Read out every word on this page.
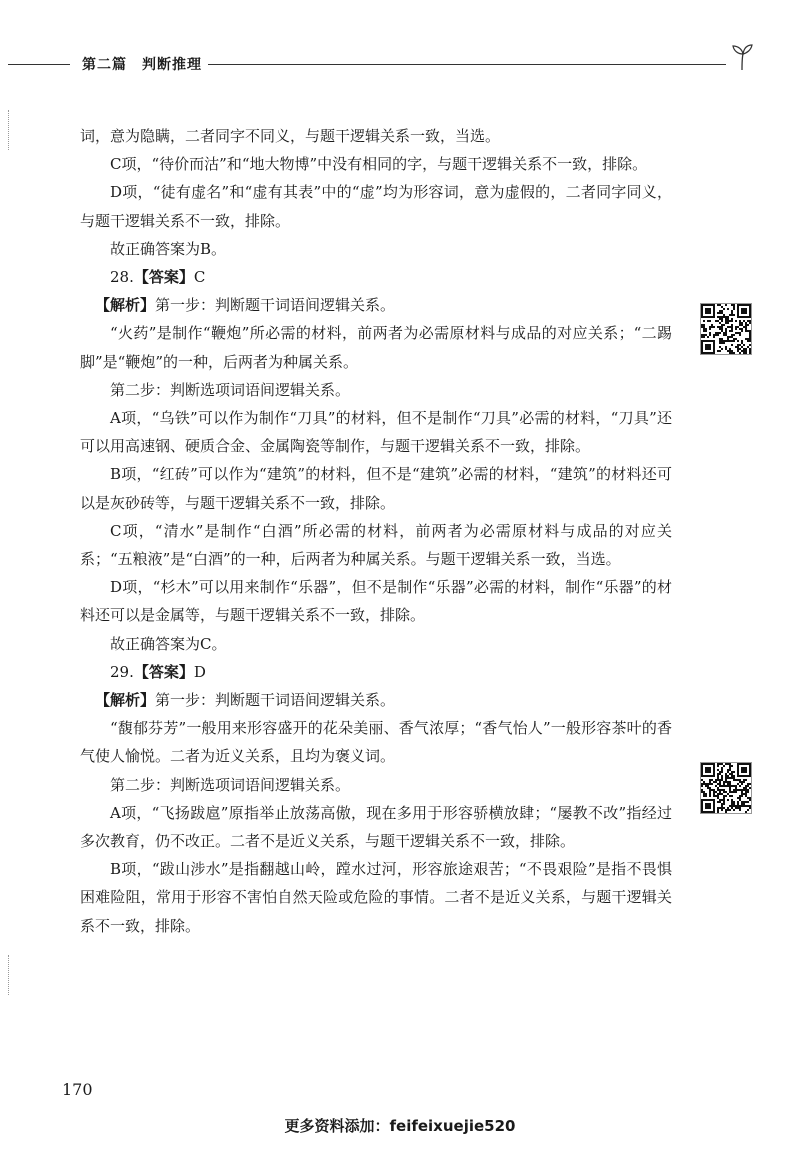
第二篇　判断推理

词，意为隐瞒，二者同字不同义，与题干逻辑关系一致，当选。

C项，“待价而沽”和“地大物博”中没有相同的字，与题干逻辑关系不一致，排除。

D项，“徒有虚名”和“虚有其表”中的“虚”均为形容词，意为虚假的，二者同字同义，与题干逻辑关系不一致，排除。

故正确答案为B。

28.【答案】C

【解析】第一步：判断题干词语间逻辑关系。

“火药”是制作“鞭炮”所必需的材料，前两者为必需原材料与成品的对应关系；“二踢脚”是“鞭炮”的一种，后两者为种属关系。

第二步：判断选项词语间逻辑关系。

A项，“乌铁”可以作为制作“刀具”的材料，但不是制作“刀具”必需的材料，“刀具”还可以用高速钢、硬质合金、金属陶瓷等制作，与题干逻辑关系不一致，排除。

B项，“红砖”可以作为“建筑”的材料，但不是“建筑”必需的材料，“建筑”的材料还可以是灰砂砖等，与题干逻辑关系不一致，排除。

C项，“清水”是制作“白酒”所必需的材料，前两者为必需原材料与成品的对应关系；“五粮液”是“白酒”的一种，后两者为种属关系。与题干逻辑关系一致，当选。

D项，“杉木”可以用来制作“乐器”，但不是制作“乐器”必需的材料，制作“乐器”的材料还可以是金属等，与题干逻辑关系不一致，排除。

故正确答案为C。

29.【答案】D

【解析】第一步：判断题干词语间逻辑关系。

“馥郁芬芳”一般用来形容盛开的花朵美丽、香气浓厚；“香气怡人”一般形容茶叶的香气使人愉悦。二者为近义关系，且均为褒义词。

第二步：判断选项词语间逻辑关系。

A项，“飞扬跋扈”原指举止放荡高傲，现在多用于形容骄横放肆；“屡教不改”指经过多次教育，仍不改正。二者不是近义关系，与题干逻辑关系不一致，排除。

B项，“跋山涉水”是指翻越山岭，蹚水过河，形容旅途艰苦；“不畏艰险”是指不畏惧困难险阻，常用于形容不害怕自然天险或危险的事情。二者不是近义关系，与题干逻辑关系不一致，排除。

170
更多资料添加：feifeixuejie520
